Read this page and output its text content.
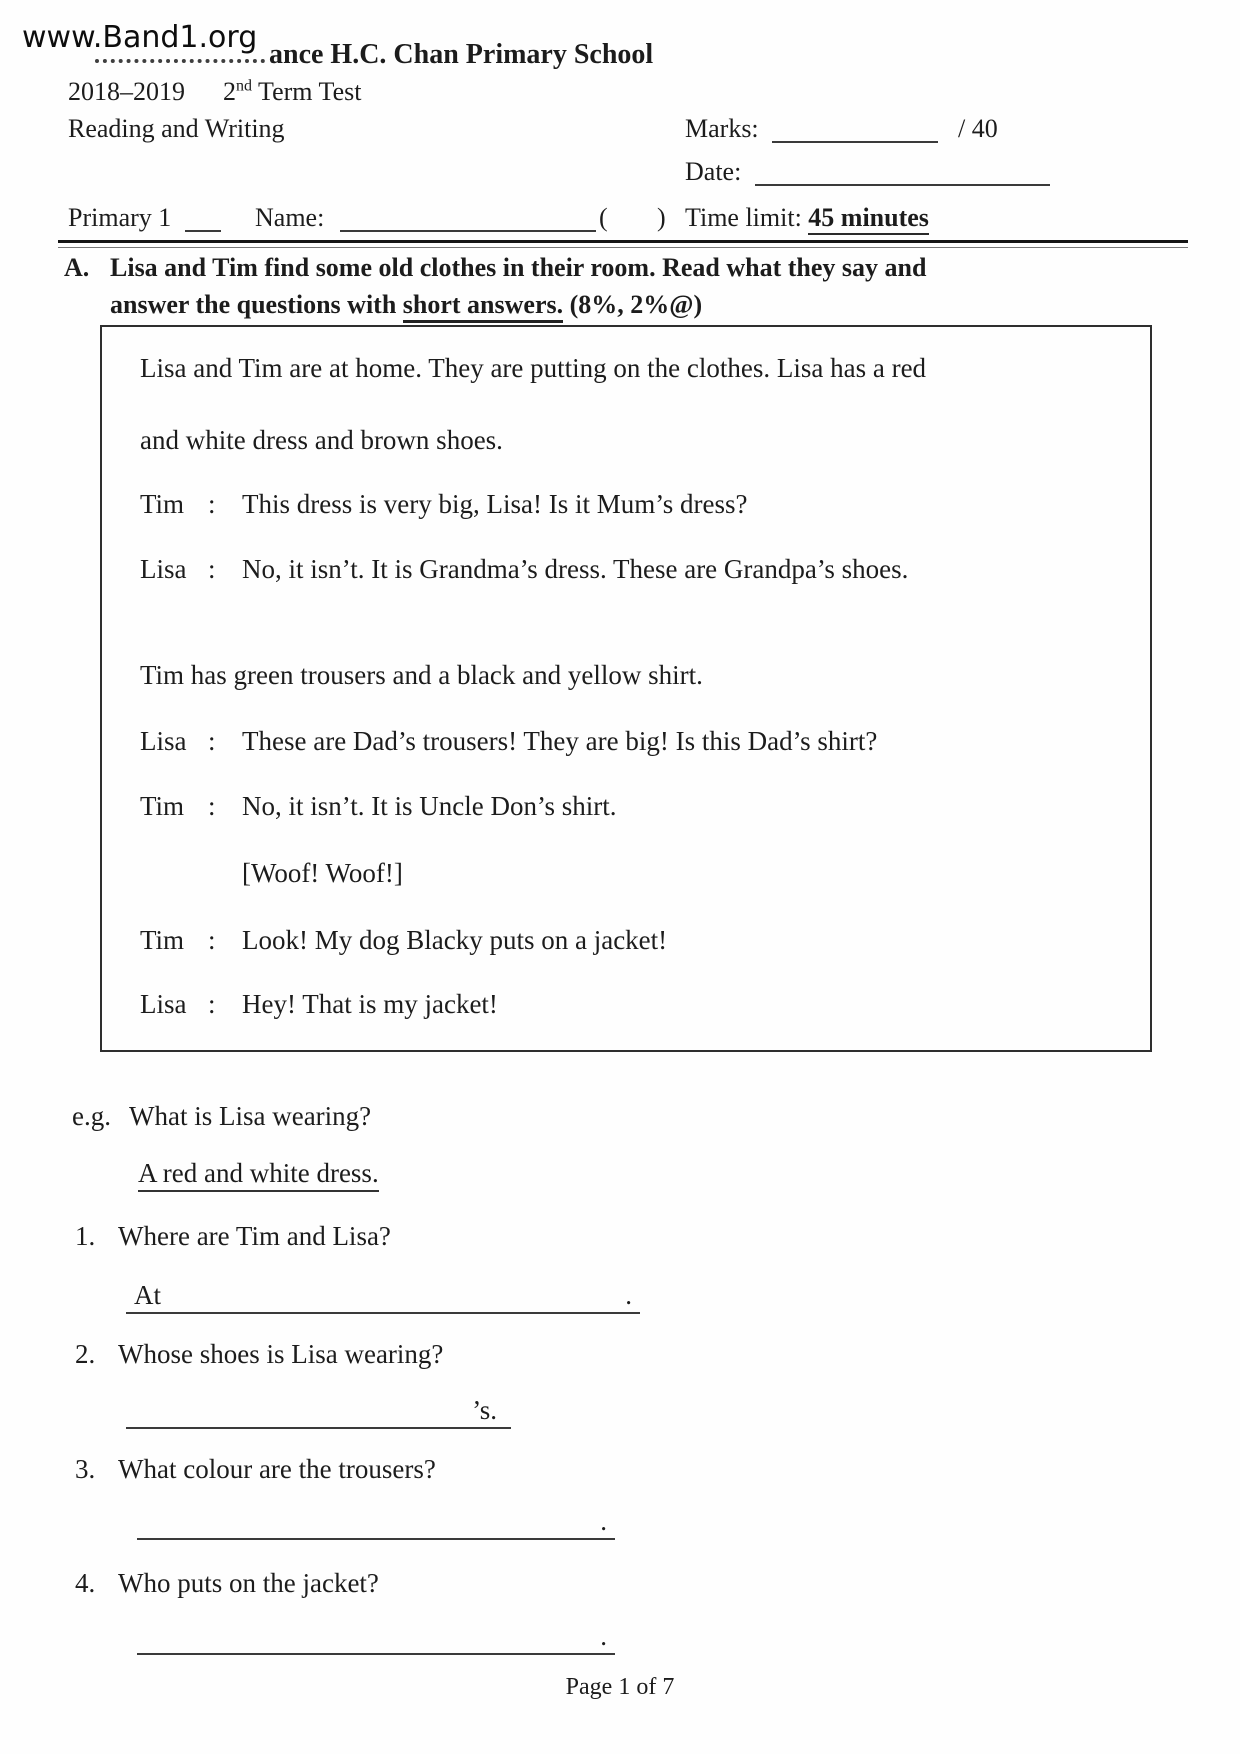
www.Band1.org ance H.C. Chan Primary School
2018–2019 2nd Term Test
Reading and Writing	Marks:	/ 40
Date:
Primary 1	Name:	( ) Time limit: 45 minutes
A. Lisa and Tim find some old clothes in their room. Read what they say and
answer the questions with short answers. (8%, 2%@)
Lisa and Tim are at home. They are putting on the clothes. Lisa has a red
and white dress and brown shoes.
Tim : This dress is very big, Lisa! Is it Mum’s dress?
Lisa : No, it isn’t. It is Grandma’s dress. These are Grandpa’s shoes.
Tim has green trousers and a black and yellow shirt.
Lisa : These are Dad’s trousers! They are big! Is this Dad’s shirt?
Tim : No, it isn’t. It is Uncle Don’s shirt.
[Woof! Woof!]
Tim : Look! My dog Blacky puts on a jacket!
Lisa : Hey! That is my jacket!
e.g. What is Lisa wearing?
A red and white dress.
1. Where are Tim and Lisa?
At	.
2. Whose shoes is Lisa wearing?
’s.
3. What colour are the trousers?
.
4. Who puts on the jacket?
.
Page 1 of 7
